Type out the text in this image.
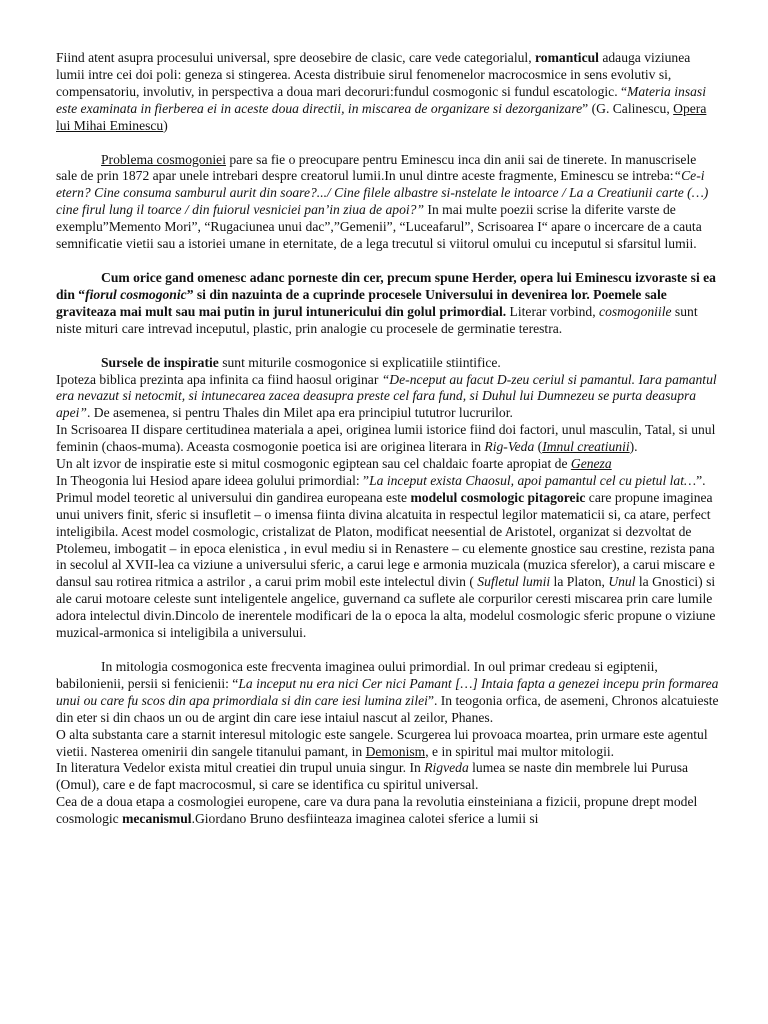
Fiind atent asupra procesului universal, spre deosebire de clasic, care vede categorialul, romanticul adauga viziunea lumii intre cei doi poli: geneza si stingerea. Acesta distribuie sirul fenomenelor macrocosmice in sens evolutiv si, compensatoriu, involutiv, in perspectiva a doua mari decoruri:fundul cosmogonic si fundul escatologic. “Materia insasi este examinata in fierberea ei in aceste doua directii, in miscarea de organizare si dezorganizare” (G. Calinescu, Opera lui Mihai Eminescu)

Problema cosmogoniei pare sa fie o preocupare pentru Eminescu inca din anii sai de tinerete. In manuscrisele sale de prin 1872 apar unele intrebari despre creatorul lumii.In unul dintre aceste fragmente, Eminescu se intreba:“Ce-i etern? Cine consuma samburul aurit din soare?.../ Cine filele albastre si-nstelate le intoarce / La a Creatiunii carte (…) cine firul lung il toarce / din fuiorul vesniciei pan’in ziua de apoi?” In mai multe poezii scrise la diferite varste de exemplu”Memento Mori”, “Rugaciunea unui dac”,”Gemenii”, “Luceafarul”, Scrisoarea I“ apare o incercare de a cauta semnificatie vietii sau a istoriei umane in eternitate, de a lega trecutul si viitorul omului cu inceputul si sfarsitul lumii.

Cum orice gand omenesc adanc porneste din cer, precum spune Herder, opera lui Eminescu izvoraste si ea din “fiorul cosmogonic” si din nazuinta de a cuprinde procesele Universului in devenirea lor. Poemele sale graviteaza mai mult sau mai putin in jurul intunericului din golul primordial. Literar vorbind, cosmogoniile sunt niste mituri care intrevad inceputul, plastic, prin analogie cu procesele de germinatie terestra.

Sursele de inspiratie sunt miturile cosmogonice si explicatiile stiintifice.

Ipoteza biblica prezinta apa infinita ca fiind haosul originar “De-nceput au facut D-zeu ceriul si pamantul. Iara pamantul era nevazut si netocmit, si intunecarea zacea deasupra preste cel fara fund, si Duhul lui Dumnezeu se purta deasupra apei”. De asemenea, si pentru Thales din Milet apa era principiul tututror lucrurilor.

In Scrisoarea II dispare certitudinea materiala a apei, originea lumii istorice fiind doi factori, unul masculin, Tatal, si unul feminin (chaos-muma). Aceasta cosmogonie poetica isi are originea literara in Rig-Veda (Imnul creatiunii).

Un alt izvor de inspiratie este si mitul cosmogonic egiptean sau cel chaldaic foarte apropiat de Geneza

In Theogonia lui Hesiod apare ideea golului primordial: ”La inceput exista Chaosul, apoi pamantul cel cu pietul lat…”.

Primul model teoretic al universului din gandirea europeana este modelul cosmologic pitagoreic care propune imaginea unui univers finit, sferic si insufletit – o imensa fiinta divina alcatuita in respectul legilor matematicii si, ca atare, perfect inteligibila. Acest model cosmologic, cristalizat de Platon, modificat neesential de Aristotel, organizat si dezvoltat de Ptolemeu, imbogatit – in epoca elenistica , in evul mediu si in Renastere – cu elemente gnostice sau crestine, rezista pana in secolul al XVII-lea ca viziune a universului sferic, a carui lege e armonia muzicala (muzica sferelor), a carui miscare e dansul sau rotirea ritmica a astrilor , a carui prim mobil este intelectul divin ( Sufletul lumii la Platon, Unul la Gnostici) si ale carui motoare celeste sunt inteligentele angelice, guvernand ca suflete ale corpurilor ceresti miscarea prin care lumile adora intelectul divin.Dincolo de inerentele modificari de la o epoca la alta, modelul cosmologic sferic propune o viziune muzical-armonica si inteligibila a universului.

In mitologia cosmogonica este frecventa imaginea oului primordial. In oul primar credeau si egiptenii, babilonienii, persii si fenicienii: “La inceput nu era nici Cer nici Pamant […] Intaia fapta a genezei incepu prin formarea unui ou care fu scos din apa primordiala si din care iesi lumina zilei”. In teogonia orfica, de asemeni, Chronos alcatuieste din eter si din chaos un ou de argint din care iese intaiul nascut al zeilor, Phanes.

O alta substanta care a starnit interesul mitologic este sangele. Scurgerea lui provoaca moartea, prin urmare este agentul vietii. Nasterea omenirii din sangele titanului pamant, in Demonism, e in spiritul mai multor mitologii.

In literatura Vedelor exista mitul creatiei din trupul unuia singur. In Rigveda lumea se naste din membrele lui Purusa (Omul), care e de fapt macrocosmul, si care se identifica cu spiritul universal.

Cea de a doua etapa a cosmologiei europene, care va dura pana la revolutia einsteiniana a fizicii, propune drept model cosmologic mecanismul.Giordano Bruno desfiinteaza imaginea calotei sferice a lumii si
